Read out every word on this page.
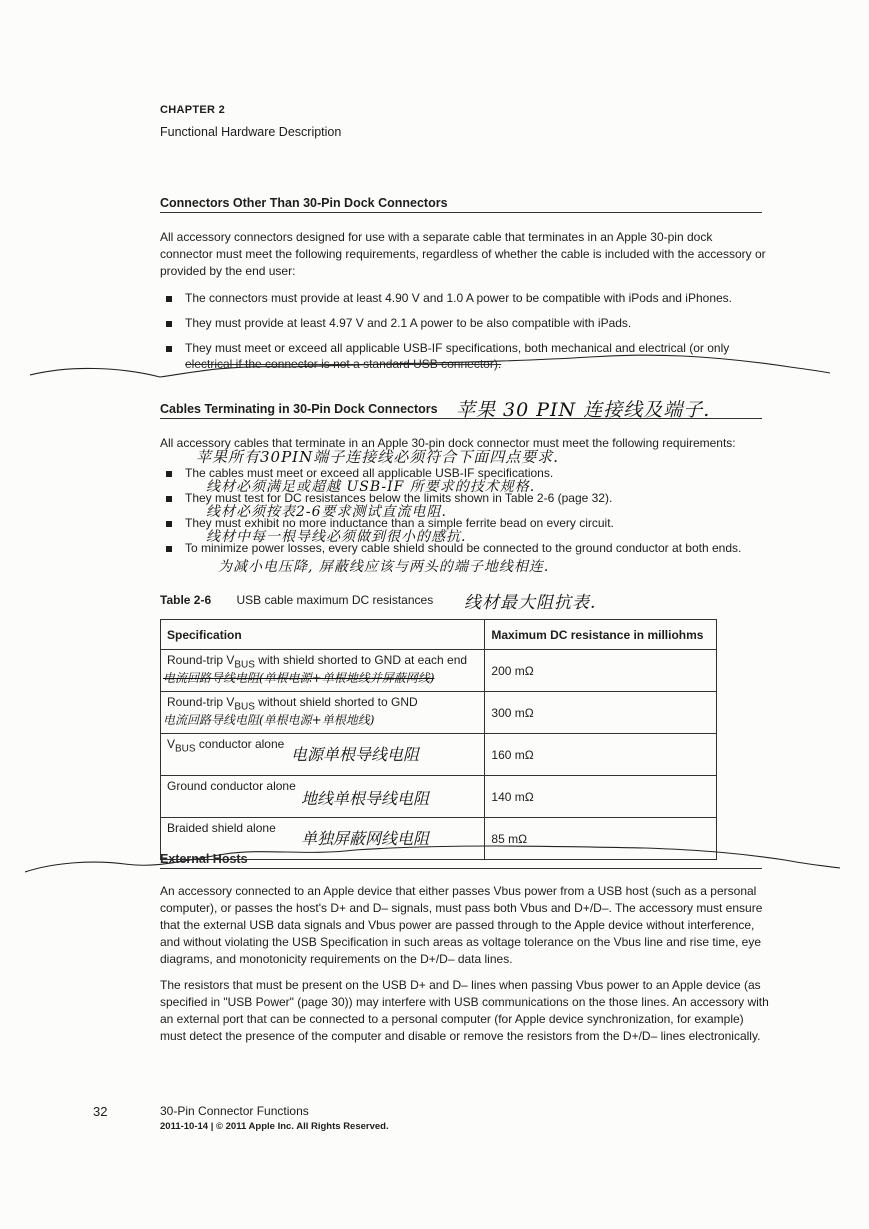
CHAPTER 2
Functional Hardware Description
Connectors Other Than 30-Pin Dock Connectors
All accessory connectors designed for use with a separate cable that terminates in an Apple 30-pin dock connector must meet the following requirements, regardless of whether the cable is included with the accessory or provided by the end user:
The connectors must provide at least 4.90 V and 1.0 A power to be compatible with iPods and iPhones.
They must provide at least 4.97 V and 2.1 A power to be also compatible with iPads.
They must meet or exceed all applicable USB-IF specifications, both mechanical and electrical (or only
electrical if the connector is not a standard USB connector).
Cables Terminating in 30-Pin Dock Connectors 苹果 30 PIN 连接线及端子.
All accessory cables that terminate in an Apple 30-pin dock connector must meet the following requirements:
苹果所有30PIN端子连接线必须符合下面四点要求.
The cables must meet or exceed all applicable USB-IF specifications.
They must test for DC resistances below the limits shown in Table 2-6 (page 32).
They must exhibit no more inductance than a simple ferrite bead on every circuit.
To minimize power losses, every cable shield should be connected to the ground conductor at both ends.
线材必须满足或超越 USB-IF 所要求的技术规格.
线材必须按表2-6要求测试直流电阻.
线材中每一根导线必须做到很小的感抗.
为减小电压降, 屏蔽线应该与两头的端子地线相连.
Table 2-6 USB cable maximum DC resistances 线材最大阻抗表.
Specification	Maximum DC resistance in milliohms
Round-trip $V_{BUS}$ with shield shorted to GND at each end
电流回路导线电阻(单根电源+单根地线并屏蔽网线)	200 mΩ
Round-trip $V_{BUS}$ without shield shorted to GND
电流回路导线电阻(单根电源+单根地线)	300 mΩ
$V_{BUS}$ conductor alone
电源单根导线电阻	160 mΩ
Ground conductor alone
地线单根导线电阻	140 mΩ
Braided shield alone
单独屏蔽网线电阻	85 mΩ
External Hosts
An accessory connected to an Apple device that either passes Vbus power from a USB host (such as a personal computer), or passes the host's D+ and D– signals, must pass both Vbus and D+/D–. The accessory must ensure that the external USB data signals and Vbus power are passed through to the Apple device without interference, and without violating the USB Specification in such areas as voltage tolerance on the Vbus line and rise time, eye diagrams, and monotonicity requirements on the D+/D– data lines.
The resistors that must be present on the USB D+ and D– lines when passing Vbus power to an Apple device (as specified in "USB Power" (page 30)) may interfere with USB communications on the those lines. An accessory with an external port that can be connected to a personal computer (for Apple device synchronization, for example) must detect the presence of the computer and disable or remove the resistors from the D+/D– lines electronically.
32	30-Pin Connector Functions
2011-10-14 | © 2011 Apple Inc. All Rights Reserved.
